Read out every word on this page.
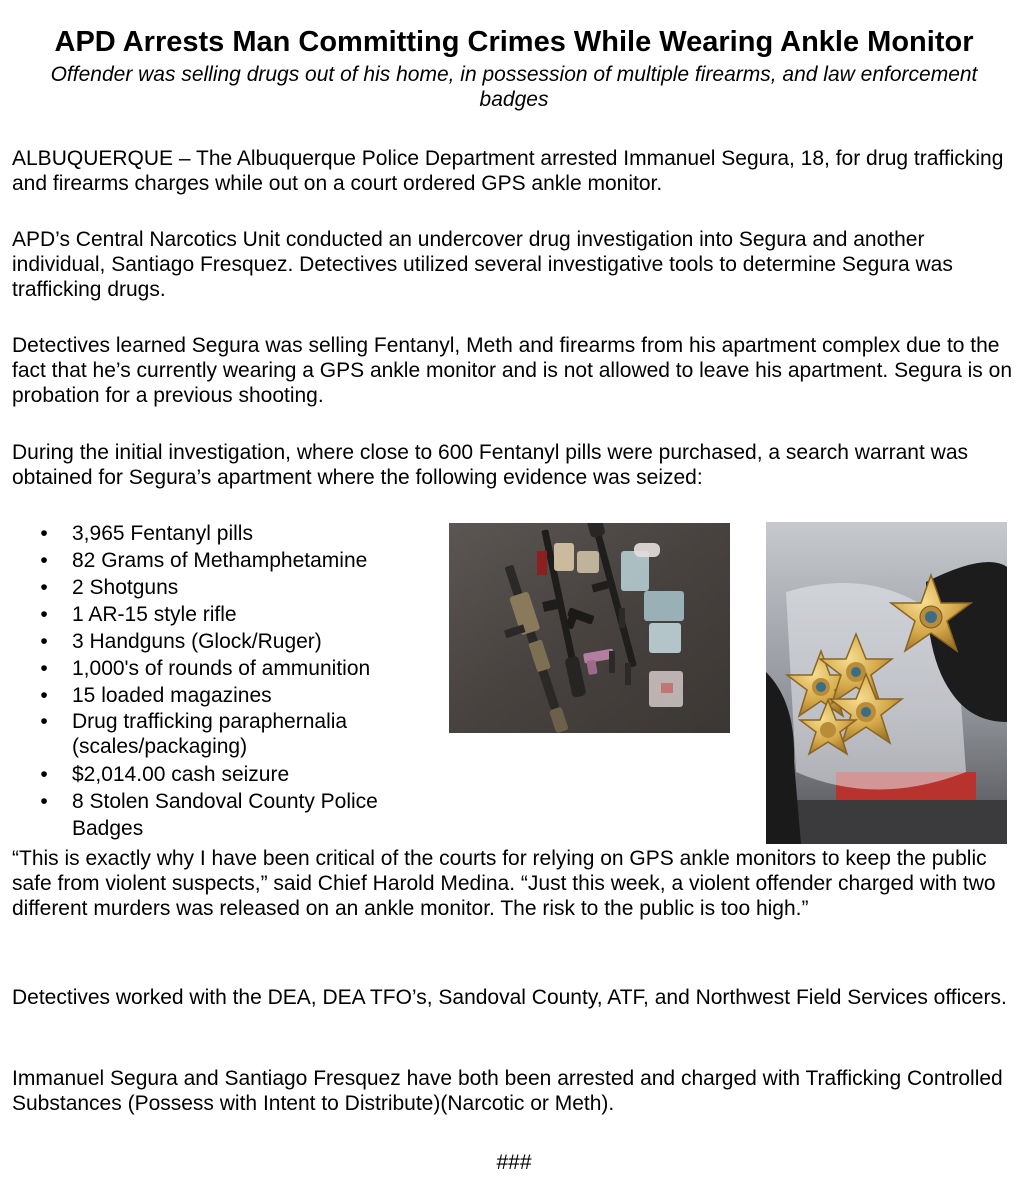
APD Arrests Man Committing Crimes While Wearing Ankle Monitor

Offender was selling drugs out of his home, in possession of multiple firearms, and law enforcement badges

ALBUQUERQUE – The Albuquerque Police Department arrested Immanuel Segura, 18, for drug trafficking and firearms charges while out on a court ordered GPS ankle monitor.

APD’s Central Narcotics Unit conducted an undercover drug investigation into Segura and another individual, Santiago Fresquez. Detectives utilized several investigative tools to determine Segura was trafficking drugs.

Detectives learned Segura was selling Fentanyl, Meth and firearms from his apartment complex due to the fact that he’s currently wearing a GPS ankle monitor and is not allowed to leave his apartment. Segura is on probation for a previous shooting.

During the initial investigation, where close to 600 Fentanyl pills were purchased, a search warrant was obtained for Segura’s apartment where the following evidence was seized:

•	3,965 Fentanyl pills
•	82 Grams of Methamphetamine
•	2 Shotguns
•	1 AR-15 style rifle
•	3 Handguns (Glock/Ruger)
•	1,000's of rounds of ammunition
•	15 loaded magazines
•	Drug trafficking paraphernalia (scales/packaging)
•	$2,014.00 cash seizure
•	8 Stolen Sandoval County Police Badges

“This is exactly why I have been critical of the courts for relying on GPS ankle monitors to keep the public safe from violent suspects,” said Chief Harold Medina. “Just this week, a violent offender charged with two different murders was released on an ankle monitor. The risk to the public is too high.”

Detectives worked with the DEA, DEA TFO’s, Sandoval County, ATF, and Northwest Field Services officers.

Immanuel Segura and Santiago Fresquez have both been arrested and charged with Trafficking Controlled Substances (Possess with Intent to Distribute)(Narcotic or Meth).

###
